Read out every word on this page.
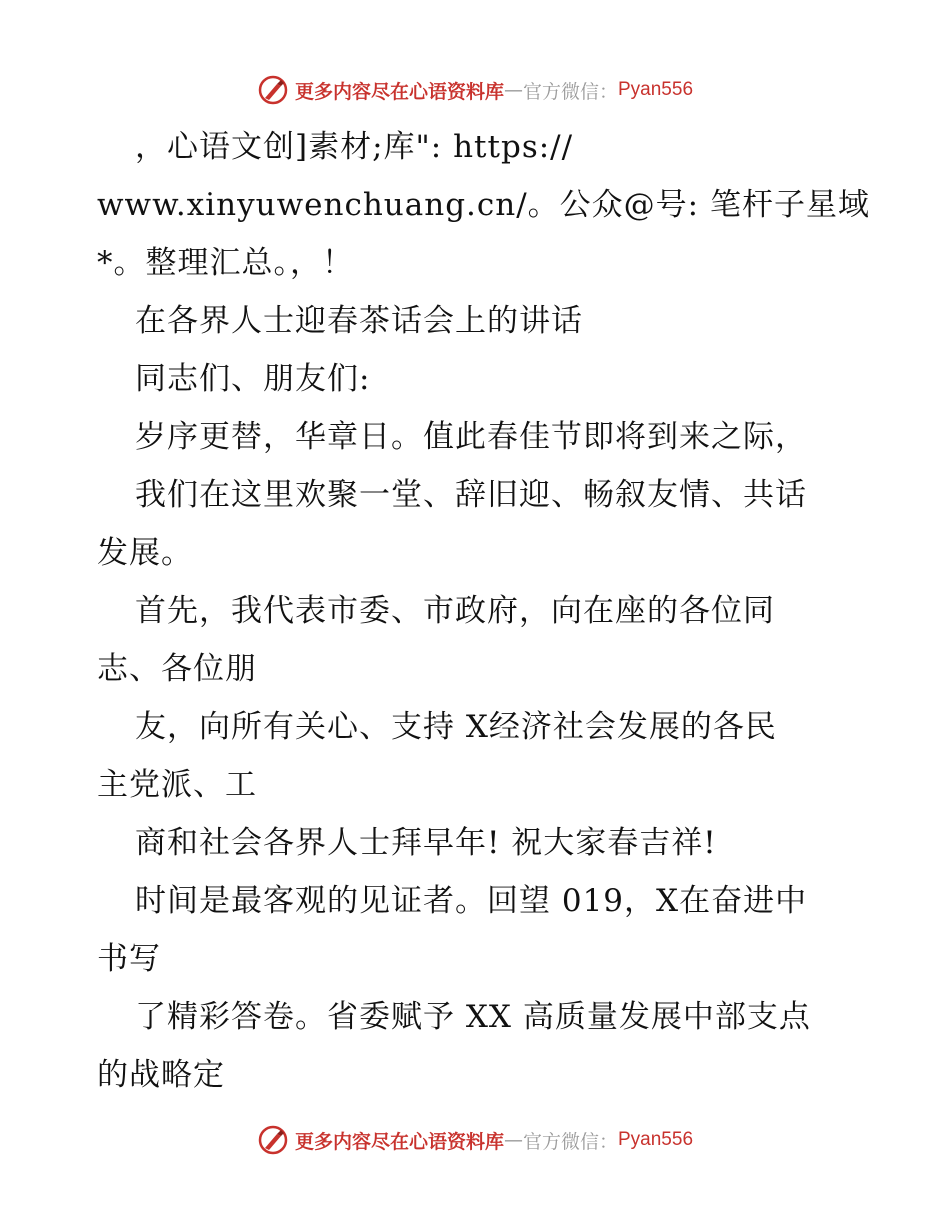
更多内容尽在心语资料库 — 官方微信： Pyan556
，心语文创]素材;库": https://
www.xinyuwenchuang.cn/。公众@号: 笔杆子星域
*。整理汇总。，！
在各界人士迎春茶话会上的讲话
同志们、朋友们:
岁序更替，华章日。值此春佳节即将到来之际，
我们在这里欢聚一堂、辞旧迎、畅叙友情、共话
发展。
首先，我代表市委、市政府，向在座的各位同
志、各位朋
友，向所有关心、支持 X经济社会发展的各民
主党派、工
商和社会各界人士拜早年! 祝大家春吉祥!
时间是最客观的见证者。回望 019，X在奋进中
书写
了精彩答卷。省委赋予 XX 高质量发展中部支点
的战略定
更多内容尽在心语资料库 — 官方微信： Pyan556
